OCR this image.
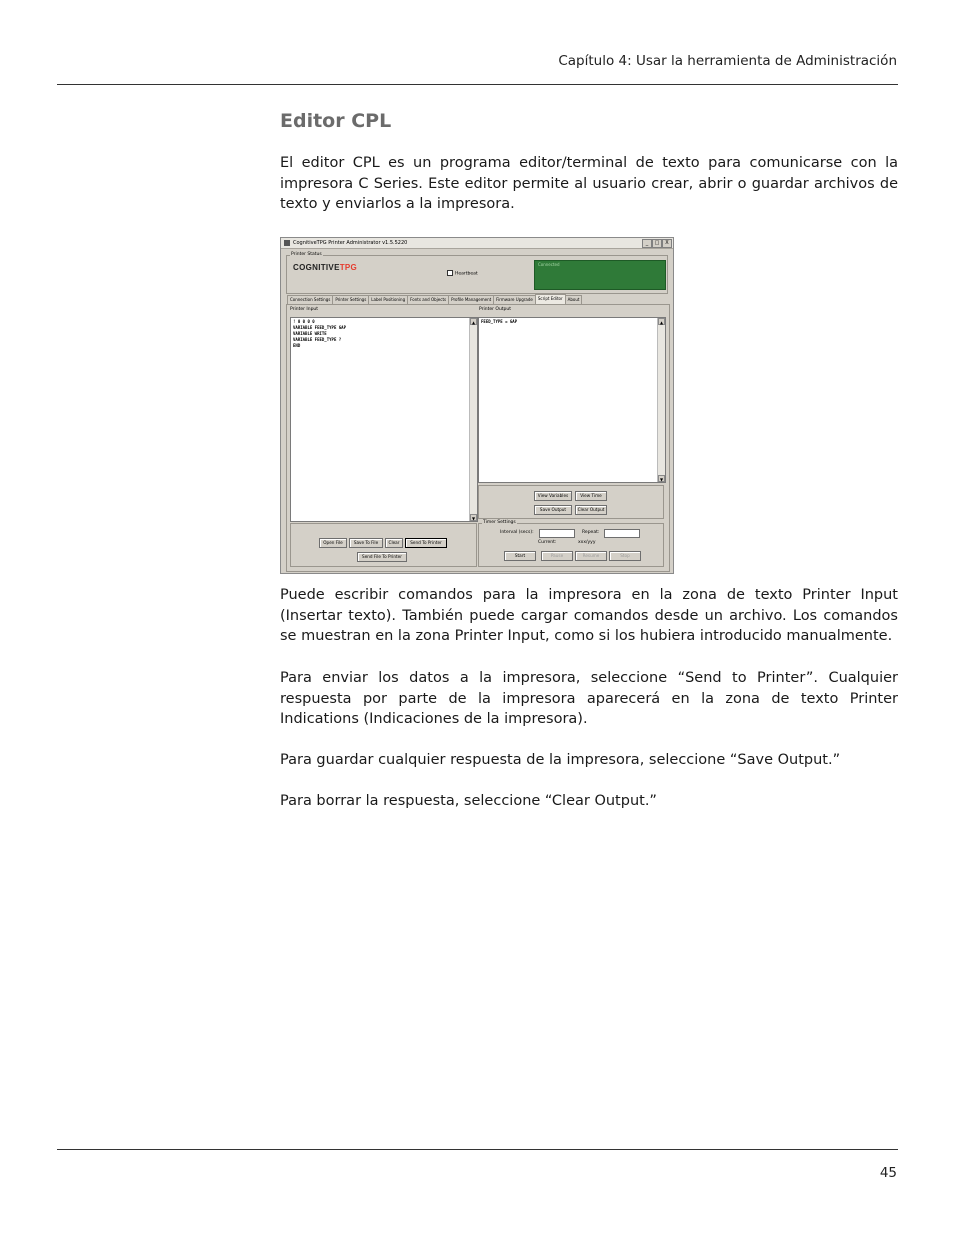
Capítulo 4: Usar la herramienta de Administración
Editor CPL

El editor CPL es un programa editor/terminal de texto para comunicarse con la impresora C Series. Este editor permite al usuario crear, abrir o guardar archivos de texto y enviarlos a la impresora.

CognitiveTPG Printer Administrator v1.5.5220	_	□	X
Printer Status
COGNITIVETPG
Heartbeat
Connected
Connection Settings Printer Settings Label Positioning Fonts and Objects Profile Management Firmware Upgrade Script Editor About
Printer Input
! 0 0 0 0
VARIABLE FEED_TYPE GAP
VARIABLE WRITE
VARIABLE FEED_TYPE ?
END
▲
▼
Printer Output
FEED_TYPE = GAP	▲
▼
View Variables	View Time
Save Output	Clear Output
Open File	Save To File	Clear	Send To Printer
Send File To Printer
Timer Settings
Interval (secs):	Repeat:
Current:	xxx/yyy
Start	Pause	Resume	Stop

Puede escribir comandos para la impresora en la zona de texto Printer Input (Insertar texto). También puede cargar comandos desde un archivo. Los comandos se muestran en la zona Printer Input, como si los hubiera introducido manualmente.

Para enviar los datos a la impresora, seleccione “Send to Printer”. Cualquier respuesta por parte de la impresora aparecerá en la zona de texto Printer Indications (Indicaciones de la impresora).

Para guardar cualquier respuesta de la impresora, seleccione “Save Output.”

Para borrar la respuesta, seleccione “Clear Output.”

45
